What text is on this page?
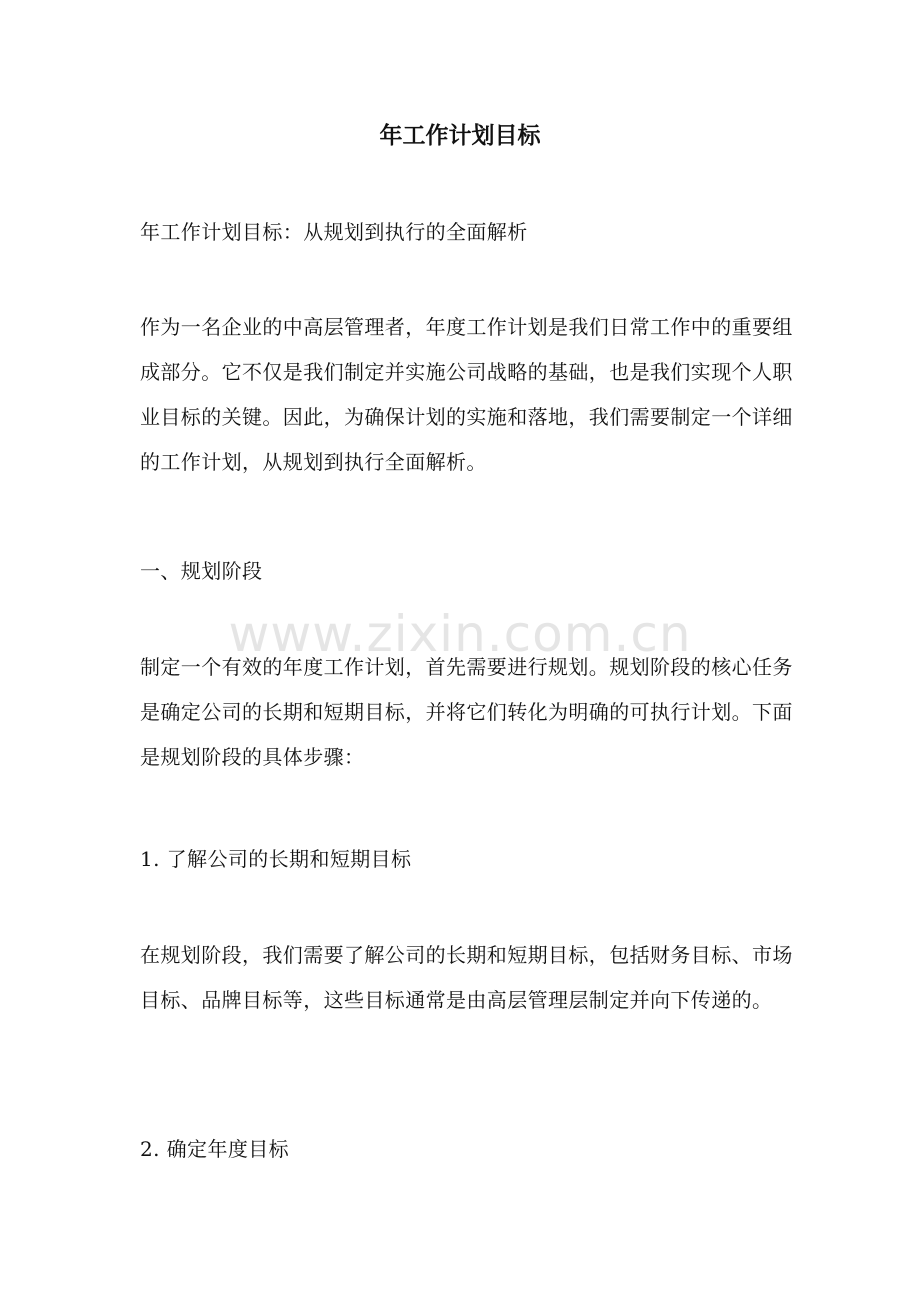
年工作计划目标

年工作计划目标：从规划到执行的全面解析

作为一名企业的中高层管理者，年度工作计划是我们日常工作中的重要组成部分。它不仅是我们制定并实施公司战略的基础，也是我们实现个人职业目标的关键。因此，为确保计划的实施和落地，我们需要制定一个详细的工作计划，从规划到执行全面解析。

一、规划阶段

www.zixin.com.cn

制定一个有效的年度工作计划，首先需要进行规划。规划阶段的核心任务是确定公司的长期和短期目标，并将它们转化为明确的可执行计划。下面是规划阶段的具体步骤：

1. 了解公司的长期和短期目标

在规划阶段，我们需要了解公司的长期和短期目标，包括财务目标、市场目标、品牌目标等，这些目标通常是由高层管理层制定并向下传递的。

2. 确定年度目标
